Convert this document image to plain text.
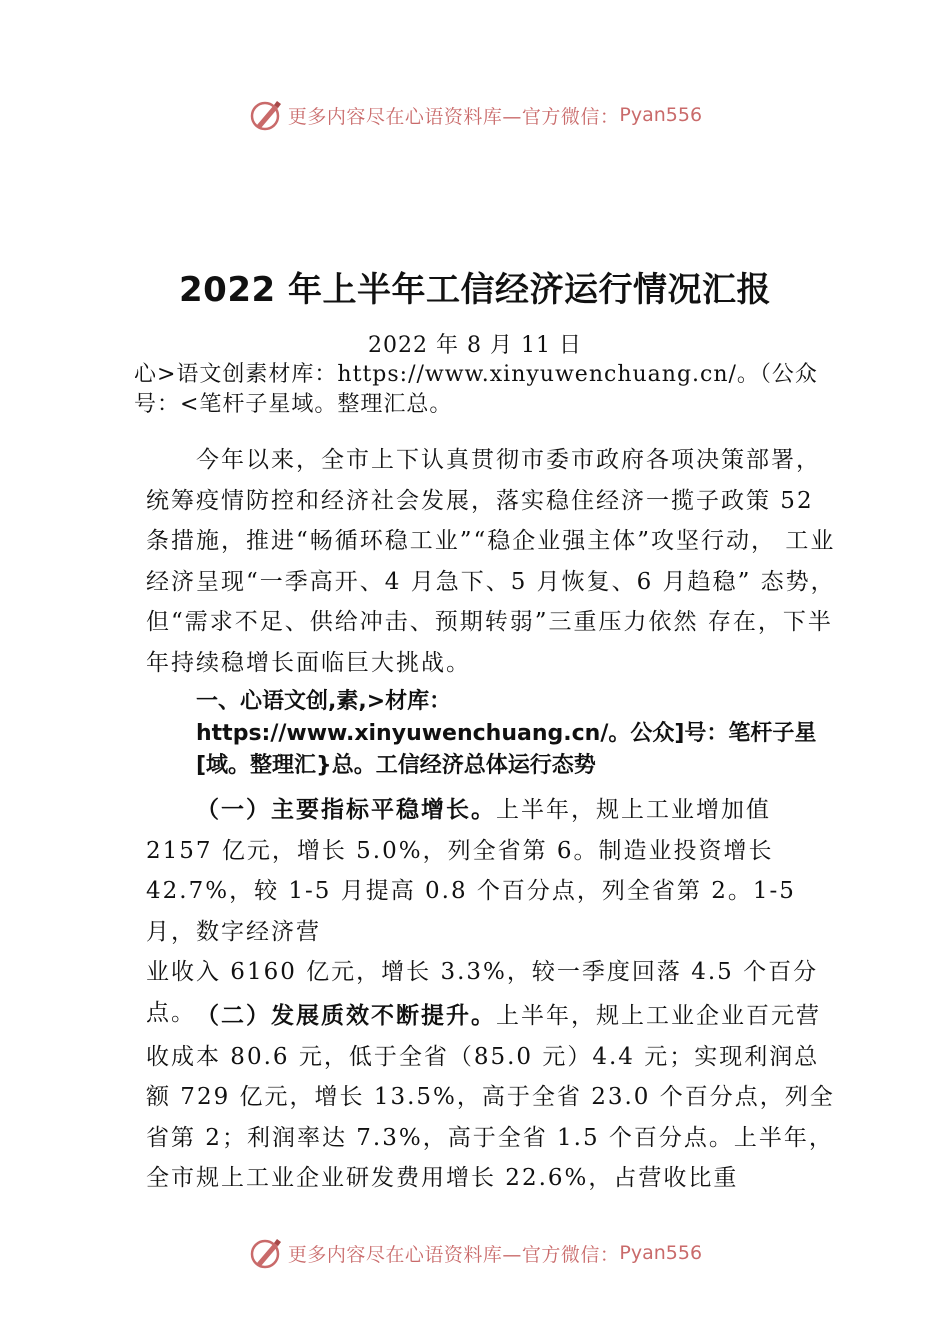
更多内容尽在心语资料库—官方微信： Pyan556
2022 年上半年工信经济运行情况汇报
2022 年 8 月 11 日
心>语文创素材库：https://www.xinyuwenchuang.cn/。（公众号：<笔杆子星域。整理汇总。
今年以来，全市上下认真贯彻市委市政府各项决策部署，统筹疫情防控和经济社会发展，落实稳住经济一揽子政策 52 条措施，推进“畅循环稳工业”“稳企业强主体”攻坚行动， 工业经济呈现“一季高开、4 月急下、5 月恢复、6 月趋稳” 态势，但“需求不足、供给冲击、预期转弱”三重压力依然 存在，下半年持续稳增长面临巨大挑战。
一、心语文创,素,>材库：https://www.xinyuwenchuang.cn/。公众]号：笔杆子星[域。整理汇}总。工信经济总体运行态势
（一）主要指标平稳增长。上半年，规上工业增加值 2157 亿元，增长 5.0%，列全省第 6。制造业投资增长 42.7%，较 1-5 月提高 0.8 个百分点，列全省第 2。1-5 月，数字经济营
业收入 6160 亿元，增长 3.3%，较一季度回落 4.5 个百分点。 （二）发展质效不断提升。上半年，规上工业企业百元营收成本 80.6 元，低于全省（85.0 元）4.4 元；实现利润总额 729 亿元，增长 13.5%，高于全省 23.0 个百分点，列全省第 2；利润率达 7.3%，高于全省 1.5 个百分点。上半年，全市规上工业企业研发费用增长 22.6%，占营收比重
更多内容尽在心语资料库—官方微信： Pyan556
